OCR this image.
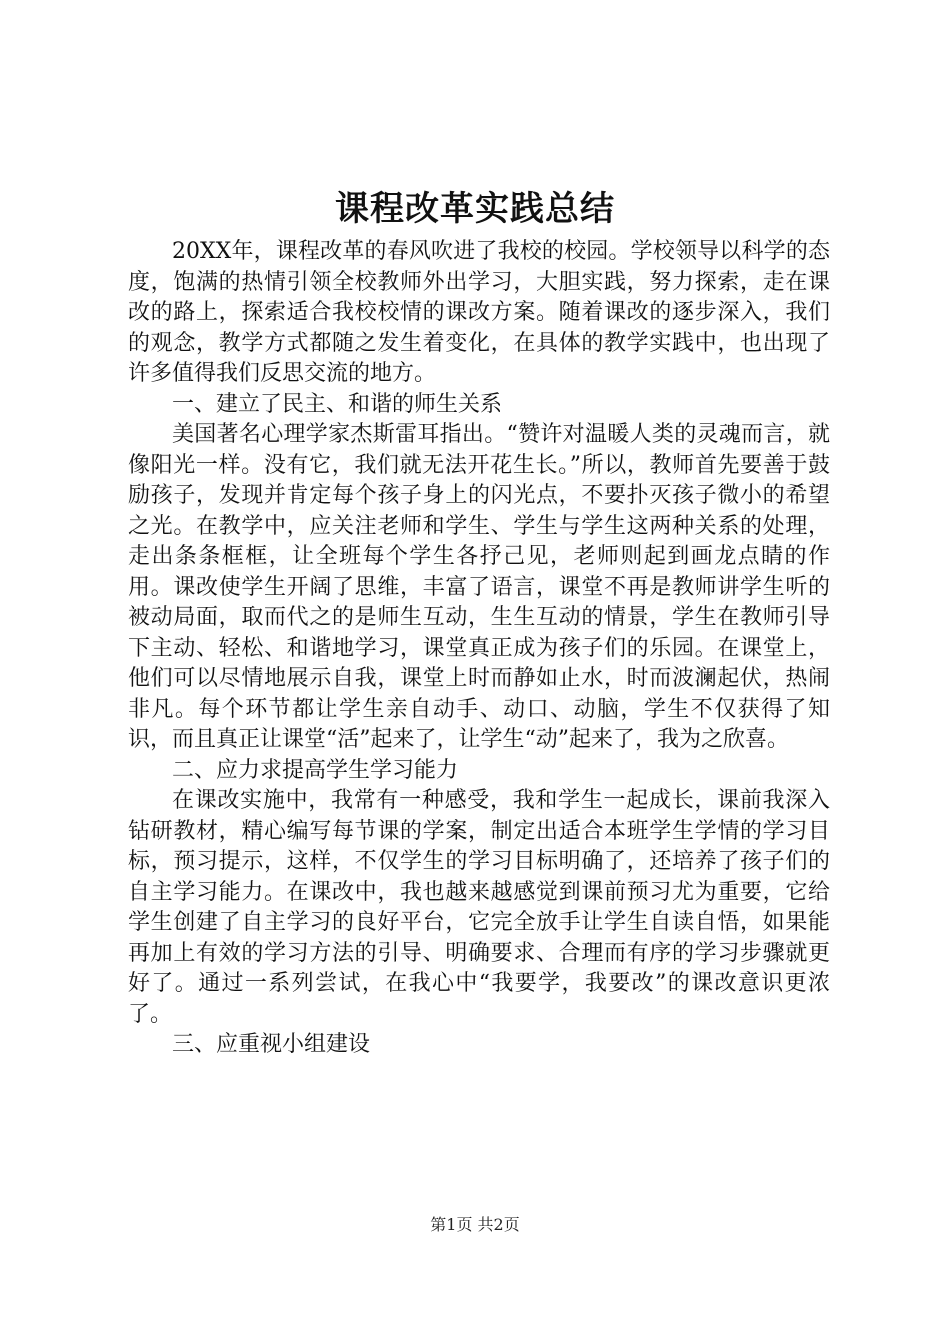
课程改革实践总结

20XX年，课程改革的春风吹进了我校的校园。学校领导以科学的态度，饱满的热情引领全校教师外出学习，大胆实践，努力探索，走在课改的路上，探索适合我校校情的课改方案。随着课改的逐步深入，我们的观念，教学方式都随之发生着变化，在具体的教学实践中，也出现了许多值得我们反思交流的地方。

一、建立了民主、和谐的师生关系

美国著名心理学家杰斯雷耳指出。“赞许对温暖人类的灵魂而言，就像阳光一样。没有它，我们就无法开花生长。”所以，教师首先要善于鼓励孩子，发现并肯定每个孩子身上的闪光点，不要扑灭孩子微小的希望之光。在教学中，应关注老师和学生、学生与学生这两种关系的处理，走出条条框框，让全班每个学生各抒己见，老师则起到画龙点睛的作用。课改使学生开阔了思维，丰富了语言，课堂不再是教师讲学生听的被动局面，取而代之的是师生互动，生生互动的情景，学生在教师引导下主动、轻松、和谐地学习，课堂真正成为孩子们的乐园。在课堂上，他们可以尽情地展示自我，课堂上时而静如止水，时而波澜起伏，热闹非凡。每个环节都让学生亲自动手、动口、动脑，学生不仅获得了知识，而且真正让课堂“活”起来了，让学生“动”起来了，我为之欣喜。

二、应力求提高学生学习能力

在课改实施中，我常有一种感受，我和学生一起成长，课前我深入钻研教材，精心编写每节课的学案，制定出适合本班学生学情的学习目标，预习提示，这样，不仅学生的学习目标明确了，还培养了孩子们的自主学习能力。在课改中，我也越来越感觉到课前预习尤为重要，它给学生创建了自主学习的良好平台，它完全放手让学生自读自悟，如果能再加上有效的学习方法的引导、明确要求、合理而有序的学习步骤就更好了。通过一系列尝试，在我心中“我要学，我要改”的课改意识更浓了。

三、应重视小组建设

第1页 共2页
